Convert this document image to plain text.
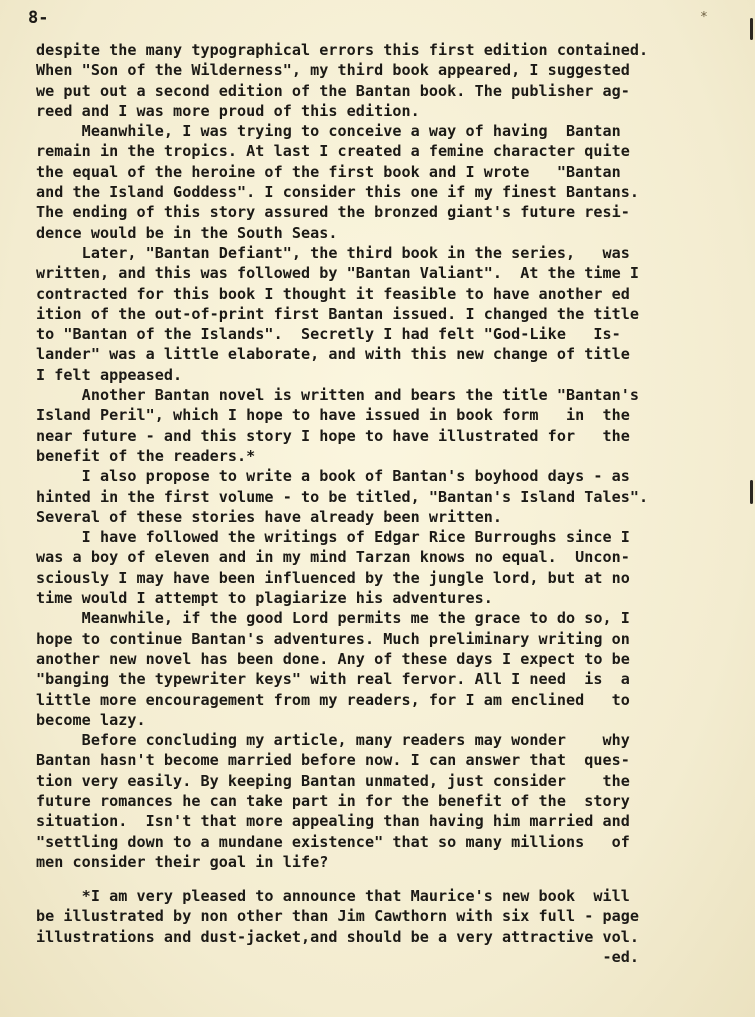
8-	*
despite the many typographical errors this first edition contained.
When "Son of the Wilderness", my third book appeared, I suggested
we put out a second edition of the Bantan book. The publisher ag-
reed and I was more proud of this edition.
Meanwhile, I was trying to conceive a way of having  Bantan
remain in the tropics. At last I created a femine character quite
the equal of the heroine of the first book and I wrote   "Bantan
and the Island Goddess". I consider this one if my finest Bantans.
The ending of this story assured the bronzed giant's future resi-
dence would be in the South Seas.
Later, "Bantan Defiant", the third book in the series,   was
written, and this was followed by "Bantan Valiant".  At the time I
contracted for this book I thought it feasible to have another ed
ition of the out-of-print first Bantan issued. I changed the title
to "Bantan of the Islands".  Secretly I had felt "God-Like   Is-
lander" was a little elaborate, and with this new change of title
I felt appeased.
Another Bantan novel is written and bears the title "Bantan's
Island Peril", which I hope to have issued in book form   in  the
near future - and this story I hope to have illustrated for   the
benefit of the readers.*
I also propose to write a book of Bantan's boyhood days - as
hinted in the first volume - to be titled, "Bantan's Island Tales".
Several of these stories have already been written.
I have followed the writings of Edgar Rice Burroughs since I
was a boy of eleven and in my mind Tarzan knows no equal.  Uncon-
sciously I may have been influenced by the jungle lord, but at no
time would I attempt to plagiarize his adventures.
Meanwhile, if the good Lord permits me the grace to do so, I
hope to continue Bantan's adventures. Much preliminary writing on
another new novel has been done. Any of these days I expect to be
"banging the typewriter keys" with real fervor. All I need  is  a
little more encouragement from my readers, for I am enclined   to
become lazy.
Before concluding my article, many readers may wonder    why
Bantan hasn't become married before now. I can answer that  ques-
tion very easily. By keeping Bantan unmated, just consider    the
future romances he can take part in for the benefit of the  story
situation.  Isn't that more appealing than having him married and
"settling down to a mundane existence" that so many millions   of
men consider their goal in life?
*I am very pleased to announce that Maurice's new book  will
be illustrated by non other than Jim Cawthorn with six full - page
illustrations and dust-jacket,and should be a very attractive vol.
-ed.
